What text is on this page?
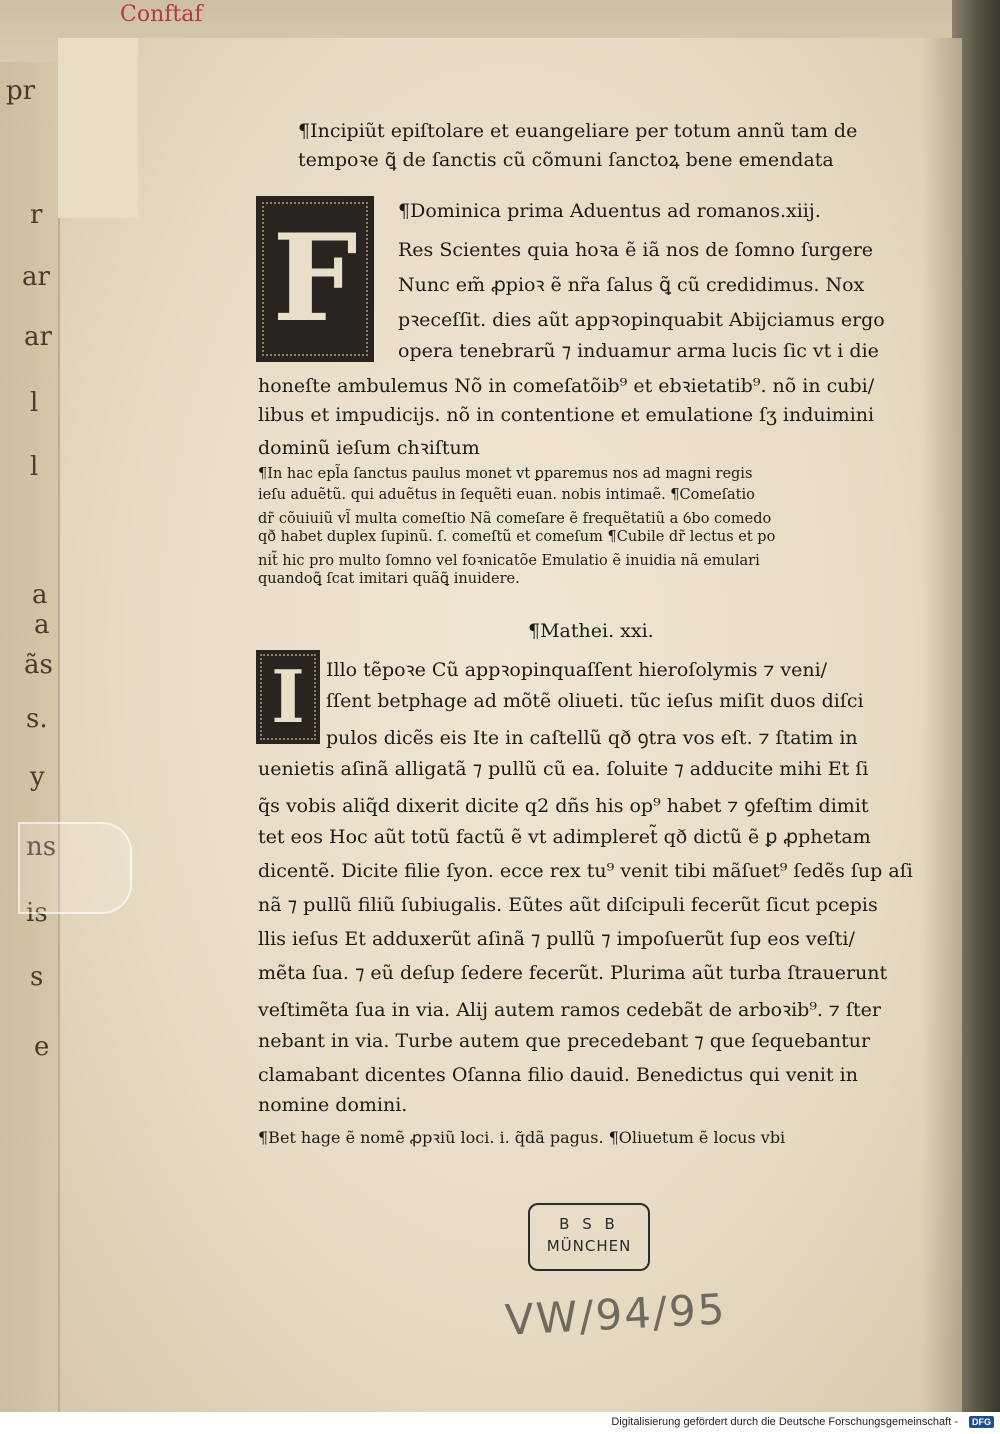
pr
r
ar
ar
l
l
a
a
ãs
s.
y
ns
is
s
e
Conftaf
¶Incipiũt epiſtolare et euangeliare per totum annũ tam de
tempoꝛe ꝗ̃ de ſanctis cũ cõmuni ſanctoꝝ bene emendata
F	¶Dominica prima Aduentus ad romanos.xiij.
Res Scientes quia hoꝛa ẽ iã nos de ſomno ſurgere
Nunc em̃ ꝓpioꝛ ẽ nr̃a ſalus ꝗ̃ cũ credidimus. Nox
pꝛeceſſit. dies aũt appꝛopinquabit Abijciamus ergo
opera tenebrarũ ⁊ induamur arma lucis ſic vt i die
honeſte ambulemus Nõ in comeſatõib⁹ et ebꝛietatib⁹. nõ in cubi/
libus et impudicijs. nõ in contentione et emulatione ſʒ induimini
dominũ ieſum chꝛiſtum
¶In hac epl̃a ſanctus paulus monet vt ꝑparemus nos ad magni regis
ieſu aduẽtũ. qui aduẽtus in ſequẽti euan. nobis intimaẽ. ¶Comeſatio
dr̃ cõuiuiũ vl̃ multa comeſtio Nã comeſare ẽ frequẽtatiũ a ỽbo comedo
qð habet duplex ſupinũ. ſ. comeſtũ et comeſum ¶Cubile dr̃ lectus et po
nit̃ hic pro multo ſomno vel foꝛnicatõe Emulatio ẽ inuidia nã emulari
quandoꝗ̃ ſcat imitari quãꝗ̃ inuidere.
¶Mathei. xxi.
I	Illo tẽpoꝛe Cũ appꝛopinquaſſent hieroſolymis ⁊ veni/
ſſent betphage ad mõtẽ oliueti. tũc ieſus miſit duos diſci
pulos dicẽs eis Ite in caſtellũ qð ꝯtra vos eſt. ⁊ ſtatim in
uenietis aſinã alligatã ⁊ pullũ cũ ea. ſoluite ⁊ adducite mihi Et ſi
q̃s vobis aliq̃d dixerit dicite q2 dñs his op⁹ habet ⁊ ꝯfeſtim dimit
tet eos Hoc aũt totũ factũ ẽ vt adimpleret̃ qð dictũ ẽ ꝑ ꝓphetam
dicentẽ. Dicite filie ſyon. ecce rex tu⁹ venit tibi mãſuet⁹ ſedẽs ſup aſi
nã ⁊ pullũ filiũ ſubiugalis. Eũtes aũt diſcipuli fecerũt ſicut pcepis
llis ieſus Et adduxerũt aſinã ⁊ pullũ ⁊ impoſuerũt ſup eos veſti/
mẽta ſua. ⁊ eũ deſup ſedere fecerũt. Plurima aũt turba ſtrauerunt
veſtimẽta ſua in via. Alij autem ramos cedebãt de arboꝛib⁹. ⁊ ſter
nebant in via. Turbe autem que precedebant ⁊ que ſequebantur
clamabant dicentes Oſanna filio dauid. Benedictus qui venit in
nomine domini.
¶Bet hage ẽ nomẽ ꝓpꝛiũ loci. i. q̃dã pagus. ¶Oliuetum ẽ locus vbi
B S B
MÜNCHEN
VW/94/95
Digitalisierung gefördert durch die Deutsche Forschungsgemeinschaft -	DFG
